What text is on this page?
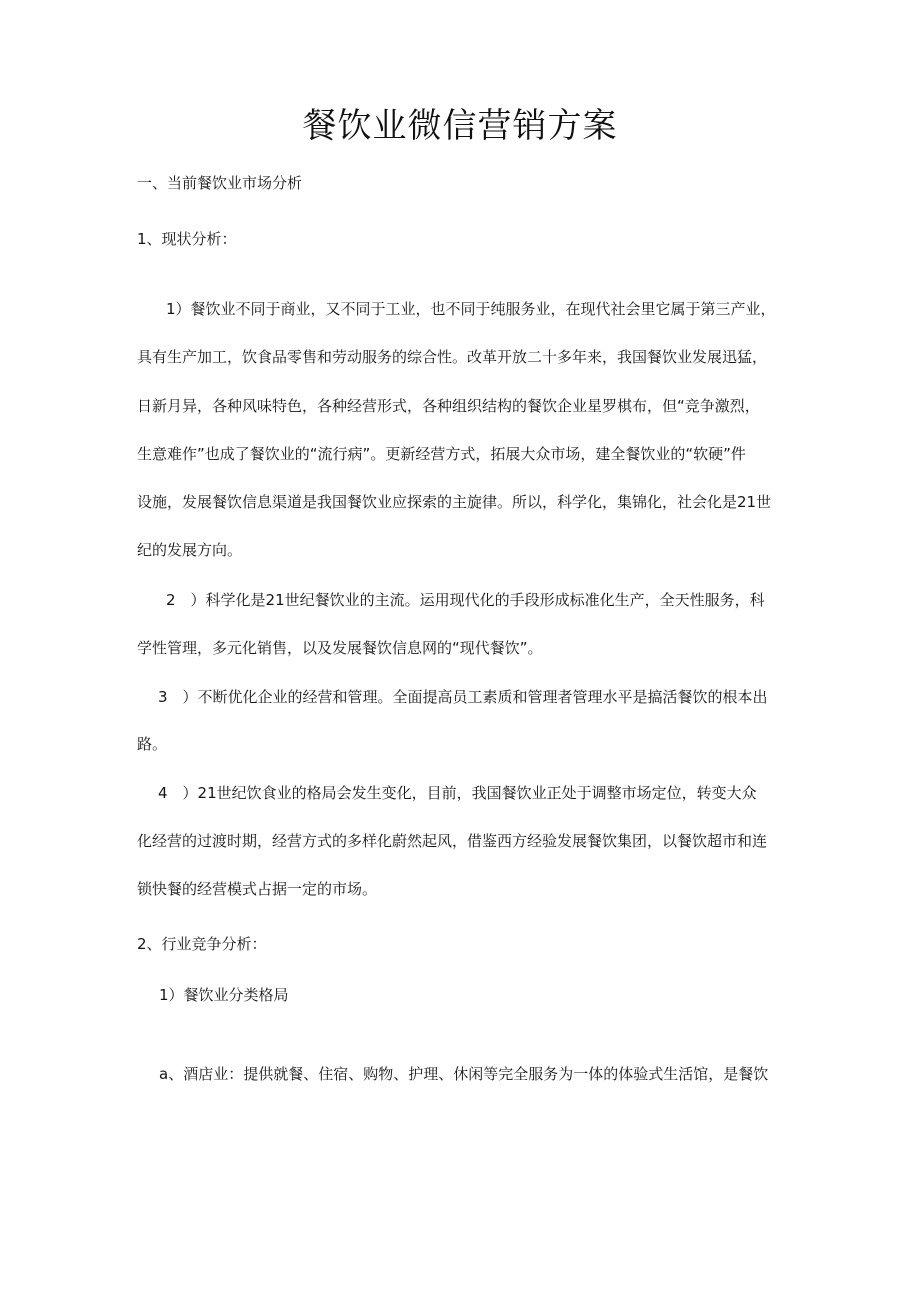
餐饮业微信营销方案
一、当前餐饮业市场分析
1、现状分析：
1）餐饮业不同于商业，又不同于工业，也不同于纯服务业，在现代社会里它属于第三产业，
具有生产加工，饮食品零售和劳动服务的综合性。改革开放二十多年来，我国餐饮业发展迅猛，
日新月异，各种风味特色，各种经营形式，各种组织结构的餐饮企业星罗棋布，但“竞争激烈，
生意难作”也成了餐饮业的“流行病”。更新经营方式，拓展大众市场，建全餐饮业的“软硬”件
设施，发展餐饮信息渠道是我国餐饮业应探索的主旋律。所以，科学化，集锦化，社会化是21世
纪的发展方向。
2　）科学化是21世纪餐饮业的主流。运用现代化的手段形成标准化生产，全天性服务，科
学性管理，多元化销售，以及发展餐饮信息网的“现代餐饮”。
3　）不断优化企业的经营和管理。全面提高员工素质和管理者管理水平是搞活餐饮的根本出
路。
4　）21世纪饮食业的格局会发生变化，目前，我国餐饮业正处于调整市场定位，转变大众
化经营的过渡时期，经营方式的多样化蔚然起风，借鉴西方经验发展餐饮集团，以餐饮超市和连
锁快餐的经营模式占据一定的市场。
2、行业竞争分析：
1）餐饮业分类格局
a、酒店业：提供就餐、住宿、购物、护理、休闲等完全服务为一体的体验式生活馆，是餐饮
